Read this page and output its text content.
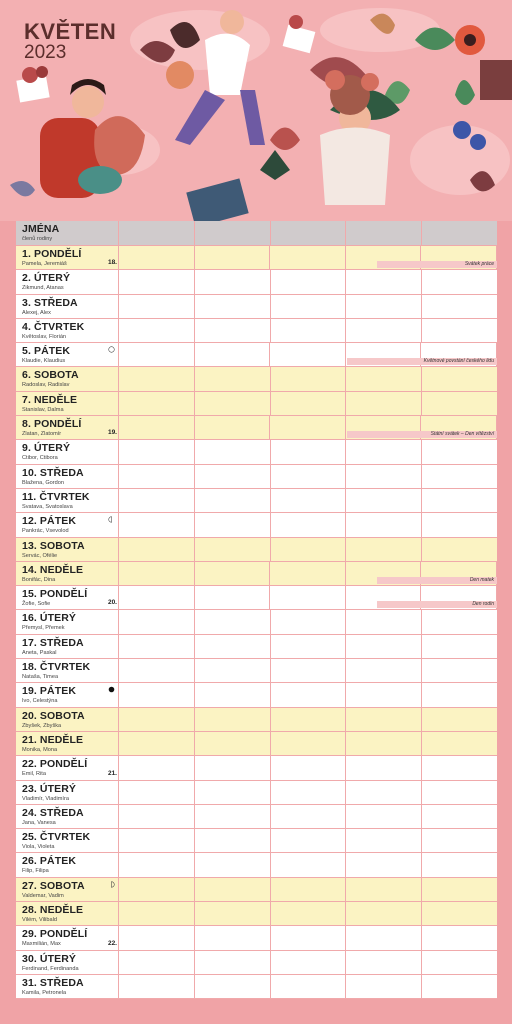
KVĚTEN
2023
JMÉNA
členů rodiny
1. PONDĚLÍ
Pamela, Jeremiáš	18.	Svátek práce
2. ÚTERÝ
Zikmund, Atanas
3. STŘEDA
Alexej, Alex
4. ČTVRTEK
Květoslav, Florián
5. PÁTEK
Klaudie, Klaudius	Květnové povstání českého lidu
6. SOBOTA
Radoslav, Radislav
7. NEDĚLE
Stanislav, Dalma
8. PONDĚLÍ
Zlatan, Zlatomír	19.	Státní svátek – Den vítězství
9. ÚTERÝ
Ctibor, Ctibora
10. STŘEDA
Blažena, Gordon
11. ČTVRTEK
Svatava, Svatoslava
12. PÁTEK
Pankrác, Vsevolod
13. SOBOTA
Servác, Ofélie
14. NEDĚLE
Bonifác, Dina	Den matek
15. PONDĚLÍ
Žofie, Sofie	20.	Den rodin
16. ÚTERÝ
Přemysl, Přemek
17. STŘEDA
Aneta, Paskal
18. ČTVRTEK
Nataša, Timea
19. PÁTEK
Ivo, Celestýna
20. SOBOTA
Zbyšek, Zbyška
21. NEDĚLE
Monika, Mona
22. PONDĚLÍ
Emil, Rita	21.
23. ÚTERÝ
Vladimír, Vladimíra
24. STŘEDA
Jana, Vanesa
25. ČTVRTEK
Viola, Violeta
26. PÁTEK
Filip, Filipa
27. SOBOTA
Valdemar, Vadim
28. NEDĚLE
Vilém, Vilibald
29. PONDĚLÍ
Maxmilián, Max	22.
30. ÚTERÝ
Ferdinand, Ferdinanda
31. STŘEDA
Kamila, Petronela
